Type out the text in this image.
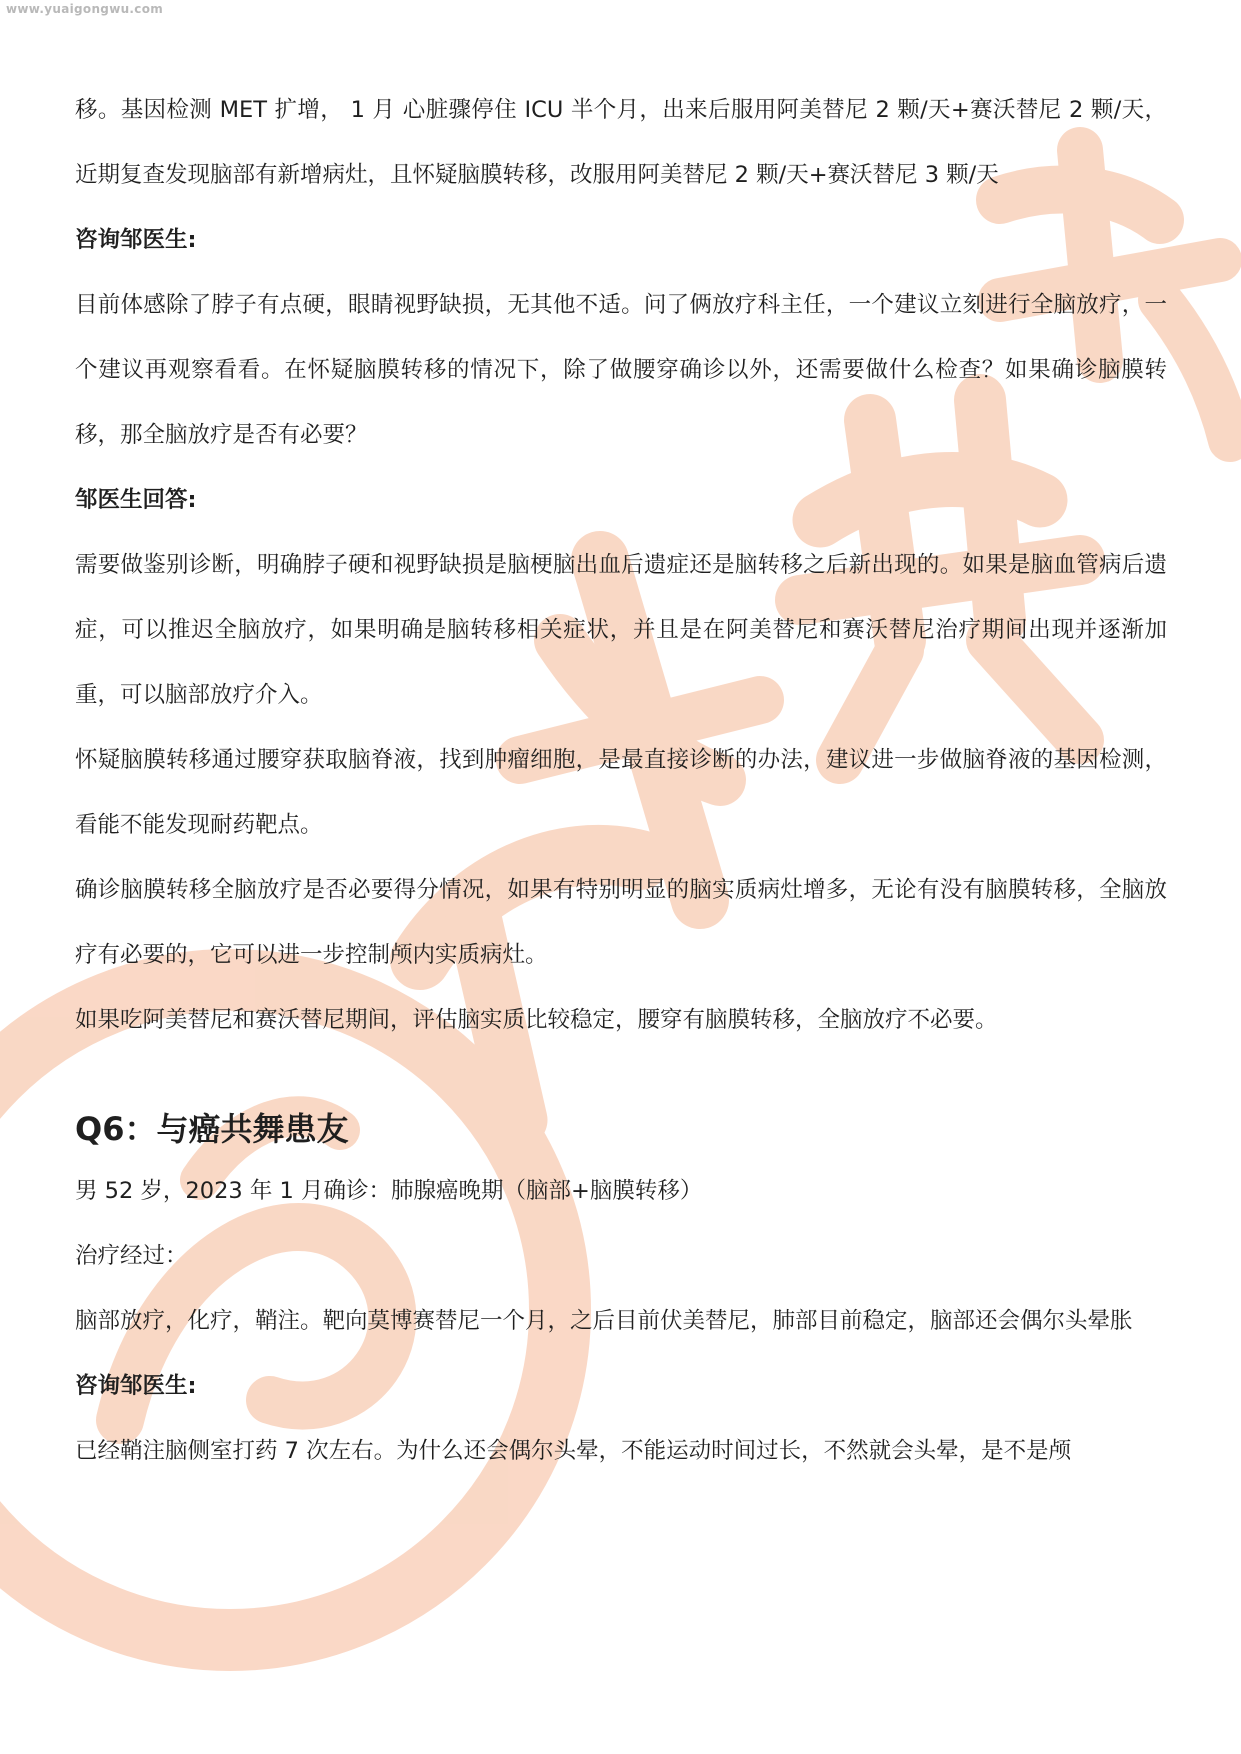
www.yuaigongwu.com

移。基因检测 MET 扩增， 1 月 心脏骤停住 ICU 半个月，出来后服用阿美替尼 2 颗/天+赛沃替尼 2 颗/天，近期复查发现脑部有新增病灶，且怀疑脑膜转移，改服用阿美替尼 2 颗/天+赛沃替尼 3 颗/天

咨询邹医生:

目前体感除了脖子有点硬，眼睛视野缺损，无其他不适。问了俩放疗科主任，一个建议立刻进行全脑放疗，一个建议再观察看看。在怀疑脑膜转移的情况下，除了做腰穿确诊以外，还需要做什么检查？如果确诊脑膜转移，那全脑放疗是否有必要？

邹医生回答:

需要做鉴别诊断，明确脖子硬和视野缺损是脑梗脑出血后遗症还是脑转移之后新出现的。如果是脑血管病后遗症，可以推迟全脑放疗，如果明确是脑转移相关症状，并且是在阿美替尼和赛沃替尼治疗期间出现并逐渐加重，可以脑部放疗介入。

怀疑脑膜转移通过腰穿获取脑脊液，找到肿瘤细胞，是最直接诊断的办法，建议进一步做脑脊液的基因检测，看能不能发现耐药靶点。

确诊脑膜转移全脑放疗是否必要得分情况，如果有特别明显的脑实质病灶增多，无论有没有脑膜转移，全脑放疗有必要的，它可以进一步控制颅内实质病灶。

如果吃阿美替尼和赛沃替尼期间，评估脑实质比较稳定，腰穿有脑膜转移，全脑放疗不必要。

Q6：与癌共舞患友

男 52 岁，2023 年 1 月确诊：肺腺癌晚期（脑部+脑膜转移）

治疗经过：

脑部放疗，化疗，鞘注。靶向莫博赛替尼一个月，之后目前伏美替尼，肺部目前稳定，脑部还会偶尔头晕胀

咨询邹医生:

已经鞘注脑侧室打药 7 次左右。为什么还会偶尔头晕，不能运动时间过长，不然就会头晕，是不是颅
